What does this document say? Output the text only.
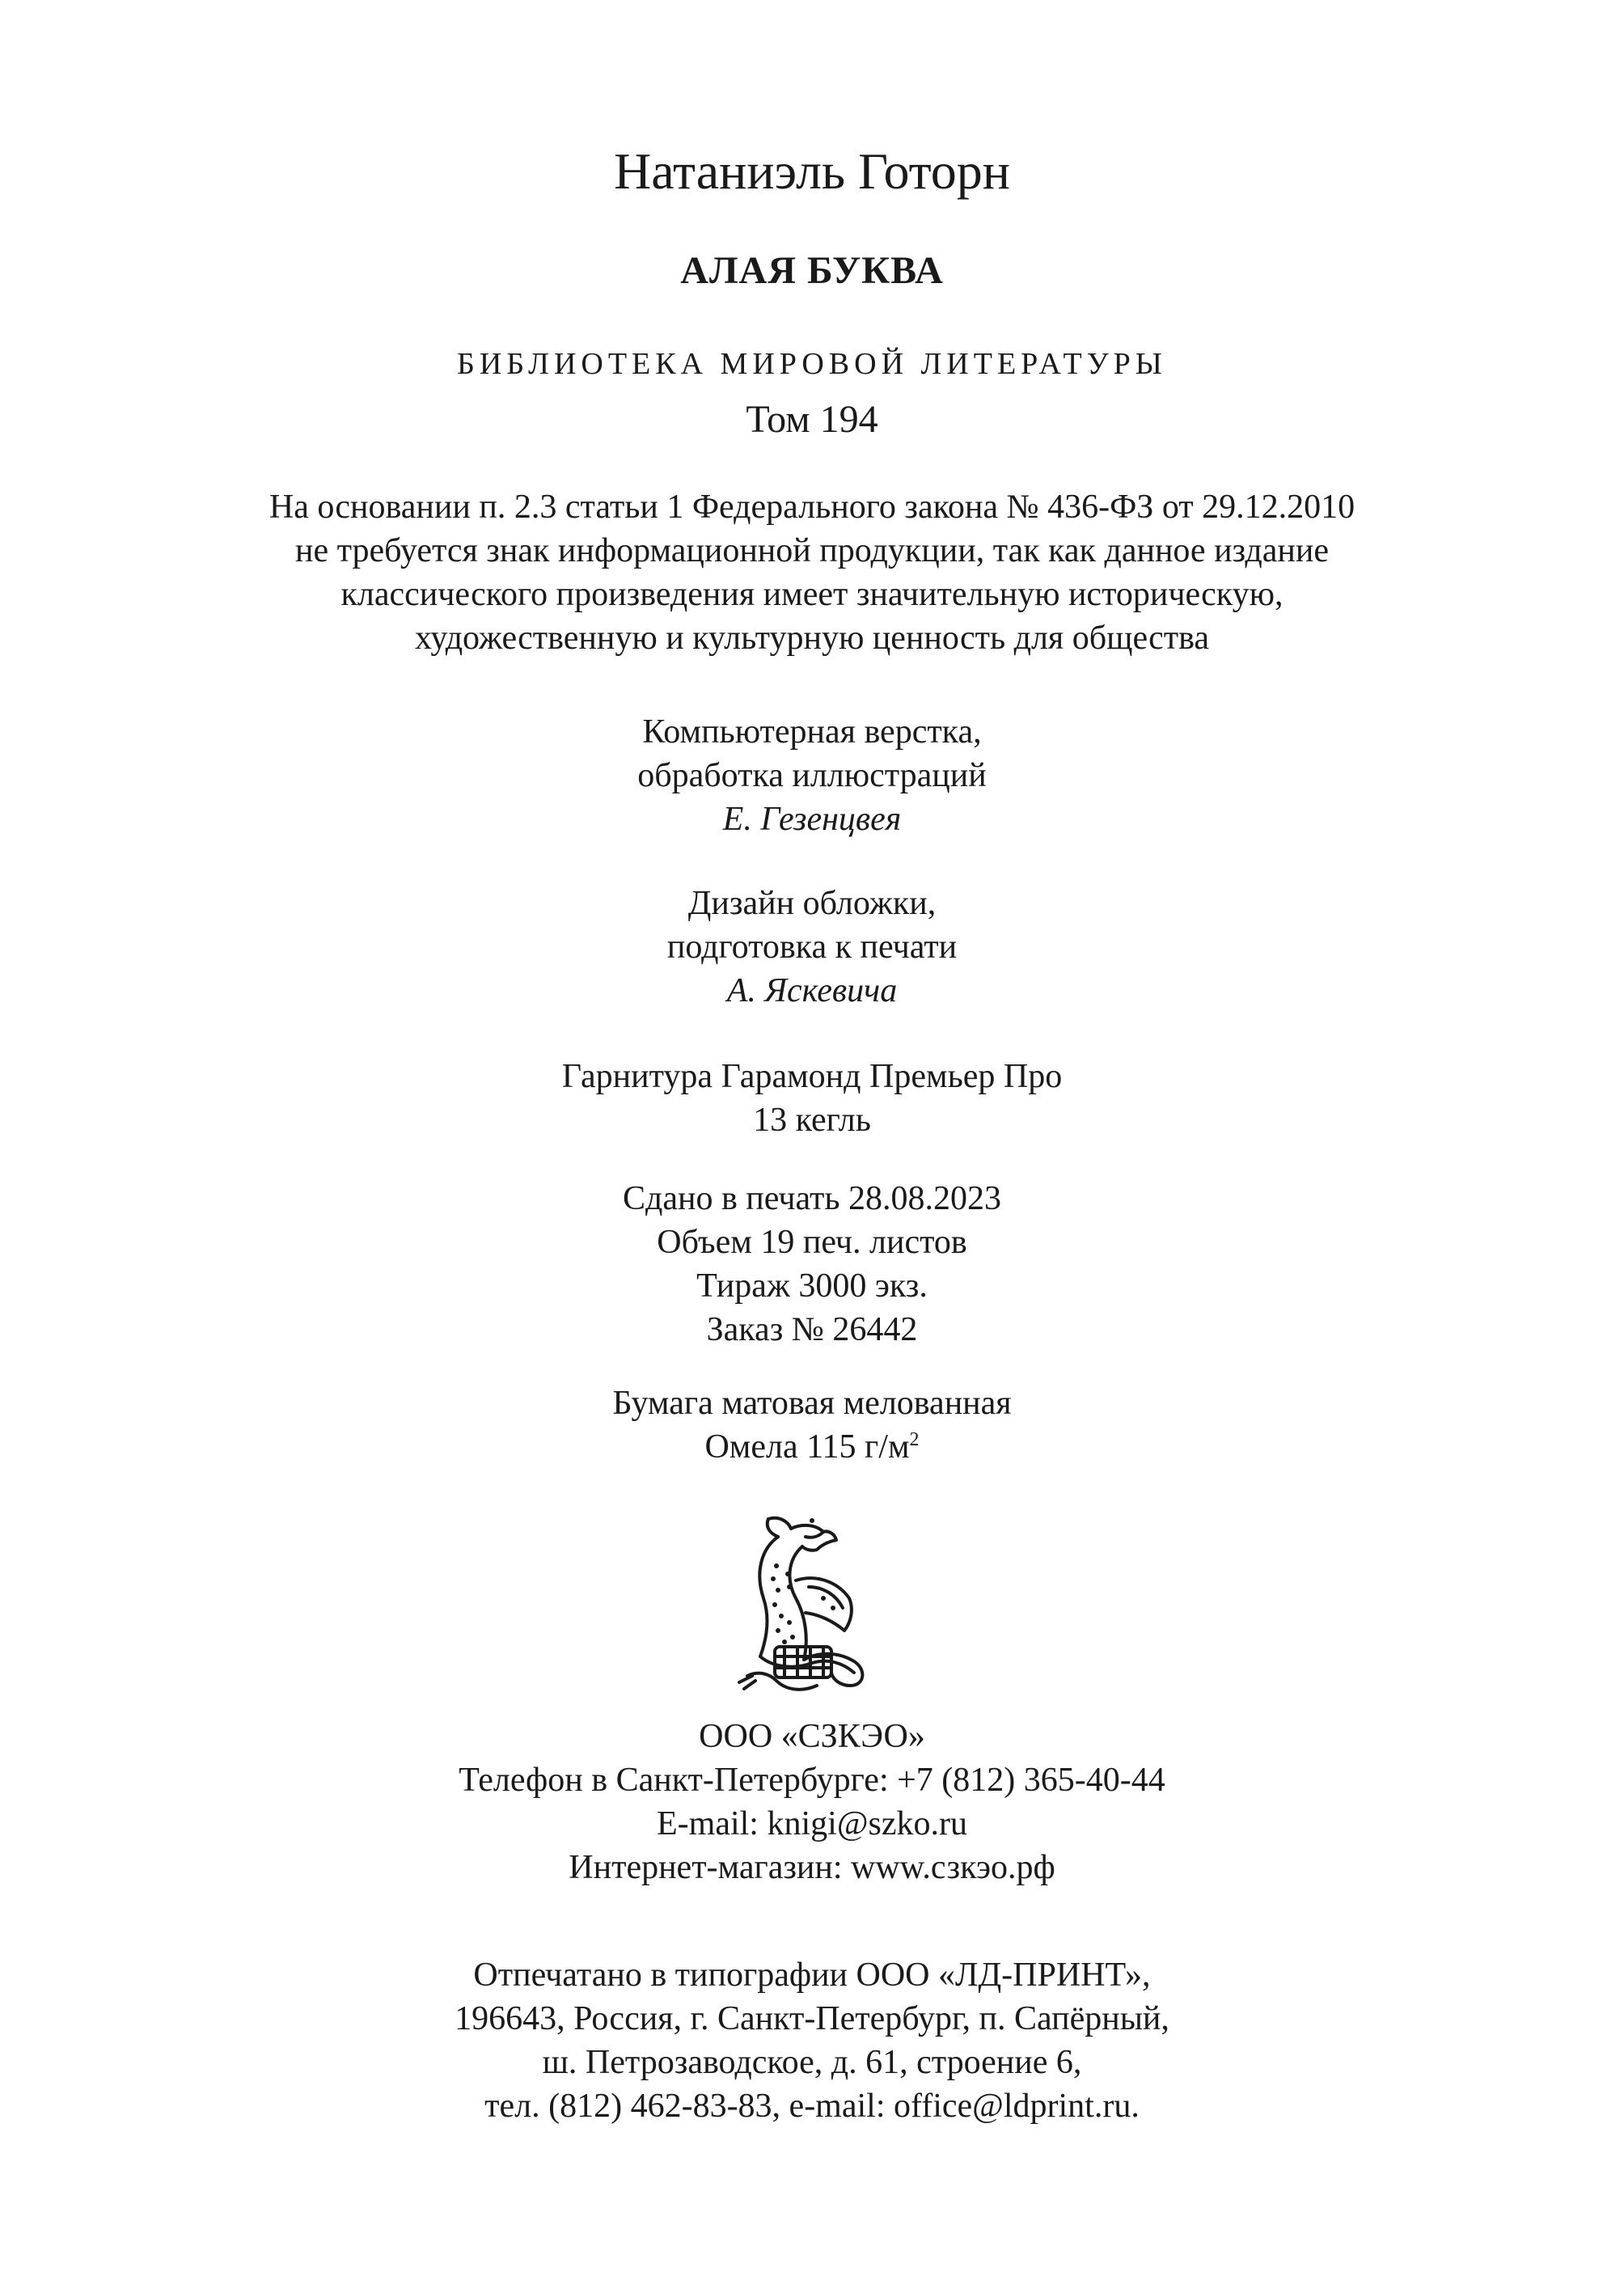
Натаниэль Готорн
АЛАЯ БУКВА
БИБЛИОТЕКА МИРОВОЙ ЛИТЕРАТУРЫ
Том 194
На основании п. 2.3 статьи 1 Федерального закона № 436-ФЗ от 29.12.2010
не требуется знак информационной продукции, так как данное издание
классического произведения имеет значительную историческую,
художественную и культурную ценность для общества
Компьютерная верстка,
обработка иллюстраций
Е. Гезенцвея
Дизайн обложки,
подготовка к печати
А. Яскевича
Гарнитура Гарамонд Премьер Про
13 кегль
Сдано в печать 28.08.2023
Объем 19 печ. листов
Тираж 3000 экз.
Заказ № 26442
Бумага матовая мелованная
Омела 115 $г/м^2$
ООО «СЗКЭО»
Телефон в Санкт-Петербурге: +7 (812) 365-40-44
E-mail: knigi@szko.ru
Интернет-магазин: www.сзкэо.рф
Отпечатано в типографии ООО «ЛД-ПРИНТ»,
196643, Россия, г. Санкт-Петербург, п. Сапёрный,
ш. Петрозаводское, д. 61, строение 6,
тел. (812) 462-83-83, e-mail: office@ldprint.ru.
